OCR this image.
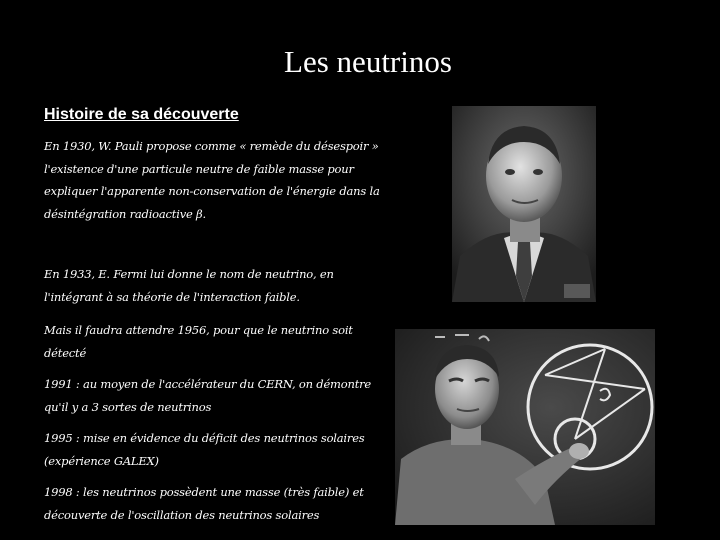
Les neutrinos
Histoire de sa découverte
En 1930, W. Pauli propose comme « remède du désespoir » l'existence d'une particule neutre de faible masse pour expliquer l'apparente non-conservation de l'énergie dans la désintégration radioactive β.
En 1933, E. Fermi lui donne le nom de neutrino, en l'intégrant à sa théorie de l'interaction faible.
Mais il faudra attendre 1956, pour que le neutrino soit détecté
1991 : au moyen de l'accélérateur du CERN, on démontre qu'il y a 3 sortes de neutrinos
1995 : mise en évidence du déficit des neutrinos solaires (expérience GALEX)
1998 : les neutrinos possèdent une masse (très faible) et découverte de l'oscillation des neutrinos solaires
